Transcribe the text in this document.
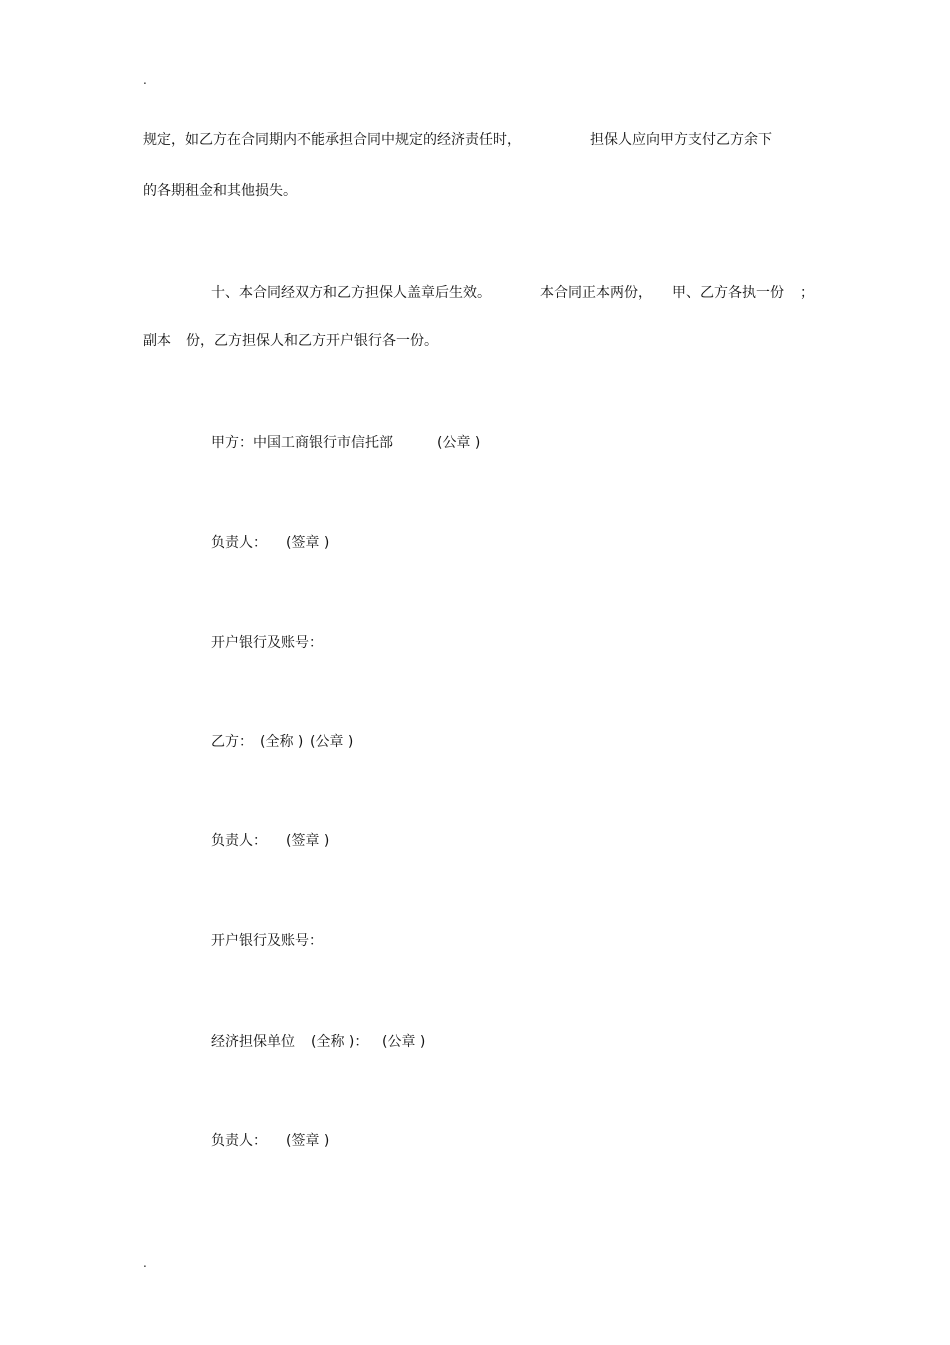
.
规定，如乙方在合同期内不能承担合同中规定的经济责任时，	担保人应向甲方支付乙方余下
的各期租金和其他损失。
十、本合同经双方和乙方担保人盖章后生效。	本合同正本两份， 甲、乙方各执一份 ；
副本 份，乙方担保人和乙方开户银行各一份。
甲方：中国工商银行市信托部	(公章 )
负责人： (签章 )
开户银行及账号：
乙方： (全称 ) (公章 )
负责人： (签章 )
开户银行及账号：
经济担保单位 (全称 )： (公章 )
负责人： (签章 )
.
